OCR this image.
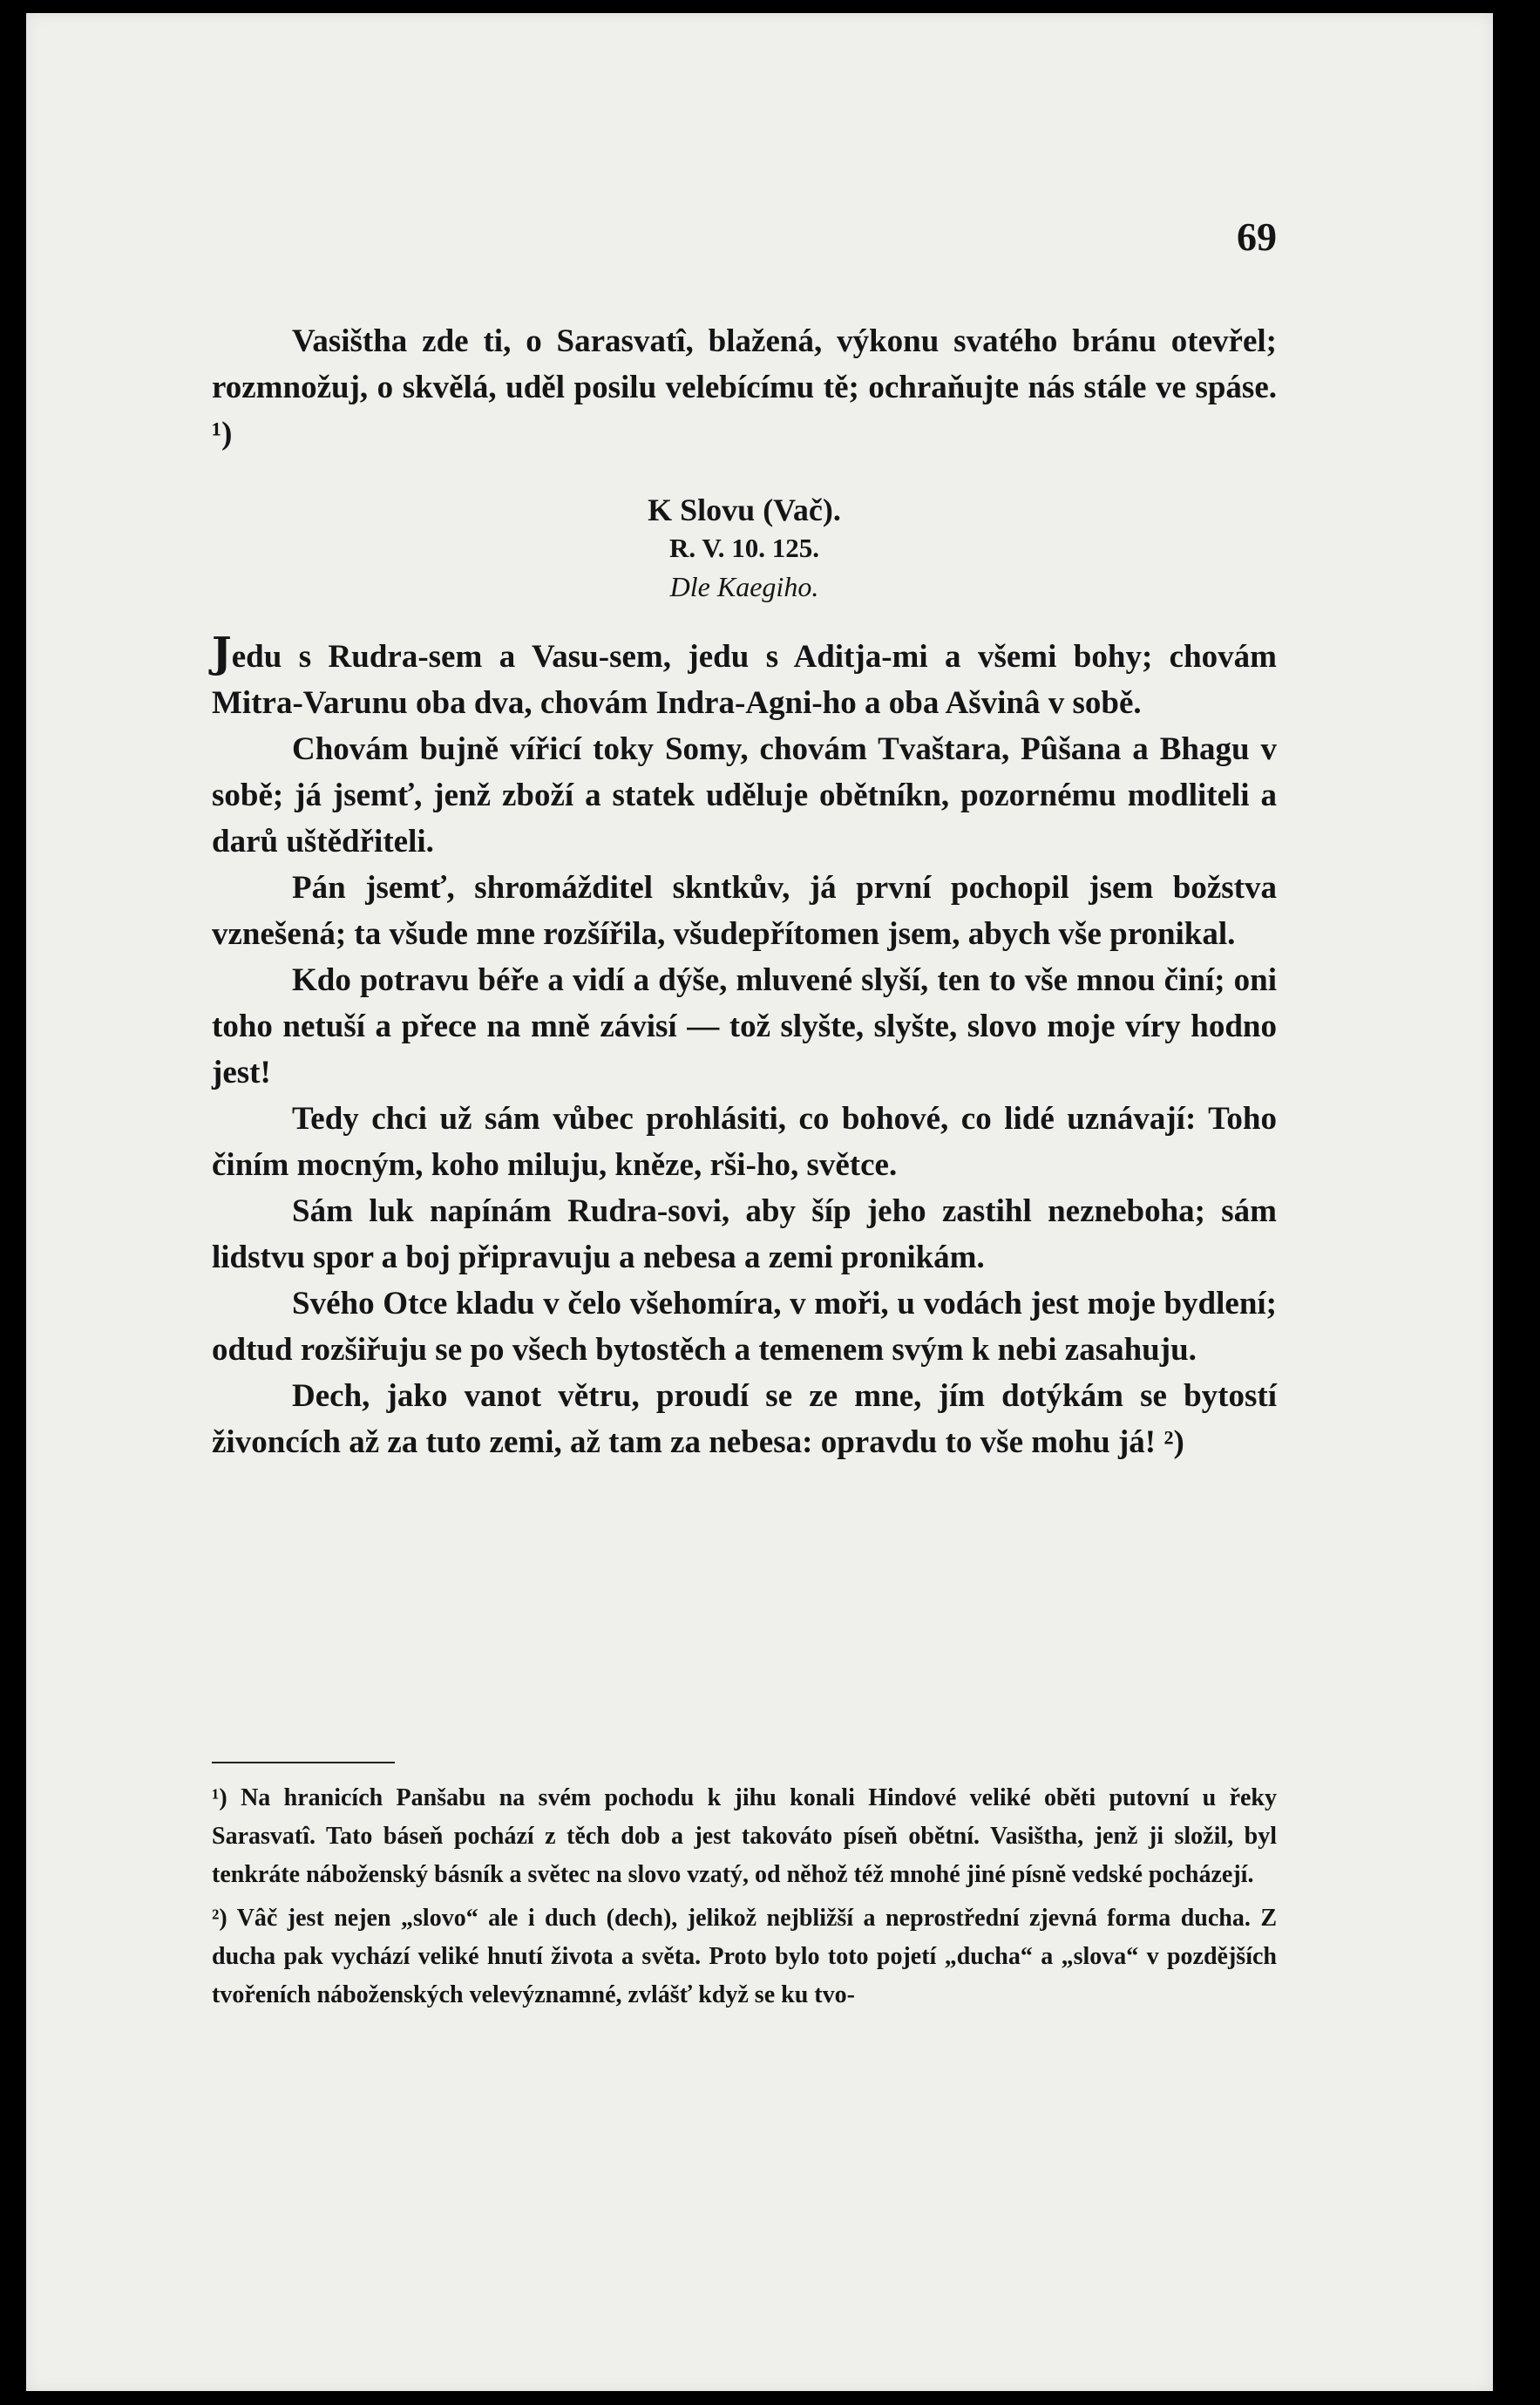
69

Vasištha zde ti, o Sarasvatî, blažená, výkonu svatého bránu otevřel; rozmnožuj, o skvělá, uděl posilu velebícímu tě; ochraňujte nás stále ve spáse. ¹)

K Slovu (Vač).
R. V. 10. 125.
Dle Kaegiho.

Jedu s Rudra-sem a Vasu-sem, jedu s Aditja-mi a všemi bohy; chovám Mitra-Varunu oba dva, chovám Indra-Agni-ho a oba Ašvinâ v sobě.

Chovám bujně vířicí toky Somy, chovám Tvaštara, Pûšana a Bhagu v sobě; já jsemť, jenž zboží a statek uděluje obětníkn, pozornému modliteli a darů uštědřiteli.

Pán jsemť, shromážditel skntkův, já první pochopil jsem božstva vznešená; ta všude mne rozšířila, všudepřítomen jsem, abych vše pronikal.

Kdo potravu béře a vidí a dýše, mluvené slyší, ten to vše mnou činí; oni toho netuší a přece na mně závisí — tož slyšte, slyšte, slovo moje víry hodno jest!

Tedy chci už sám vůbec prohlásiti, co bohové, co lidé uznávají: Toho činím mocným, koho miluju, kněze, rši-ho, světce.

Sám luk napínám Rudra-sovi, aby šíp jeho zastihl nezneboha; sám lidstvu spor a boj připravuju a nebesa a zemi pronikám.

Svého Otce kladu v čelo všehomíra, v moři, u vodách jest moje bydlení; odtud rozšiřuju se po všech bytostěch a temenem svým k nebi zasahuju.

Dech, jako vanot větru, proudí se ze mne, jím dotýkám se bytostí živoncích až za tuto zemi, až tam za nebesa: opravdu to vše mohu já! ²)

¹) Na hranicích Panšabu na svém pochodu k jihu konali Hindové veliké oběti putovní u řeky Sarasvatî. Tato báseň pochází z těch dob a jest takováto píseň obětní. Vasištha, jenž ji složil, byl tenkráte náboženský básník a světec na slovo vzatý, od něhož též mnohé jiné písně vedské pocházejí.

²) Vâč jest nejen „slovo“ ale i duch (dech), jelikož nejbližší a neprostřední zjevná forma ducha. Z ducha pak vychází veliké hnutí života a světa. Proto bylo toto pojetí „ducha“ a „slova“ v pozdějších tvořeních náboženských velevýznamné, zvlášť když se ku tvo-
